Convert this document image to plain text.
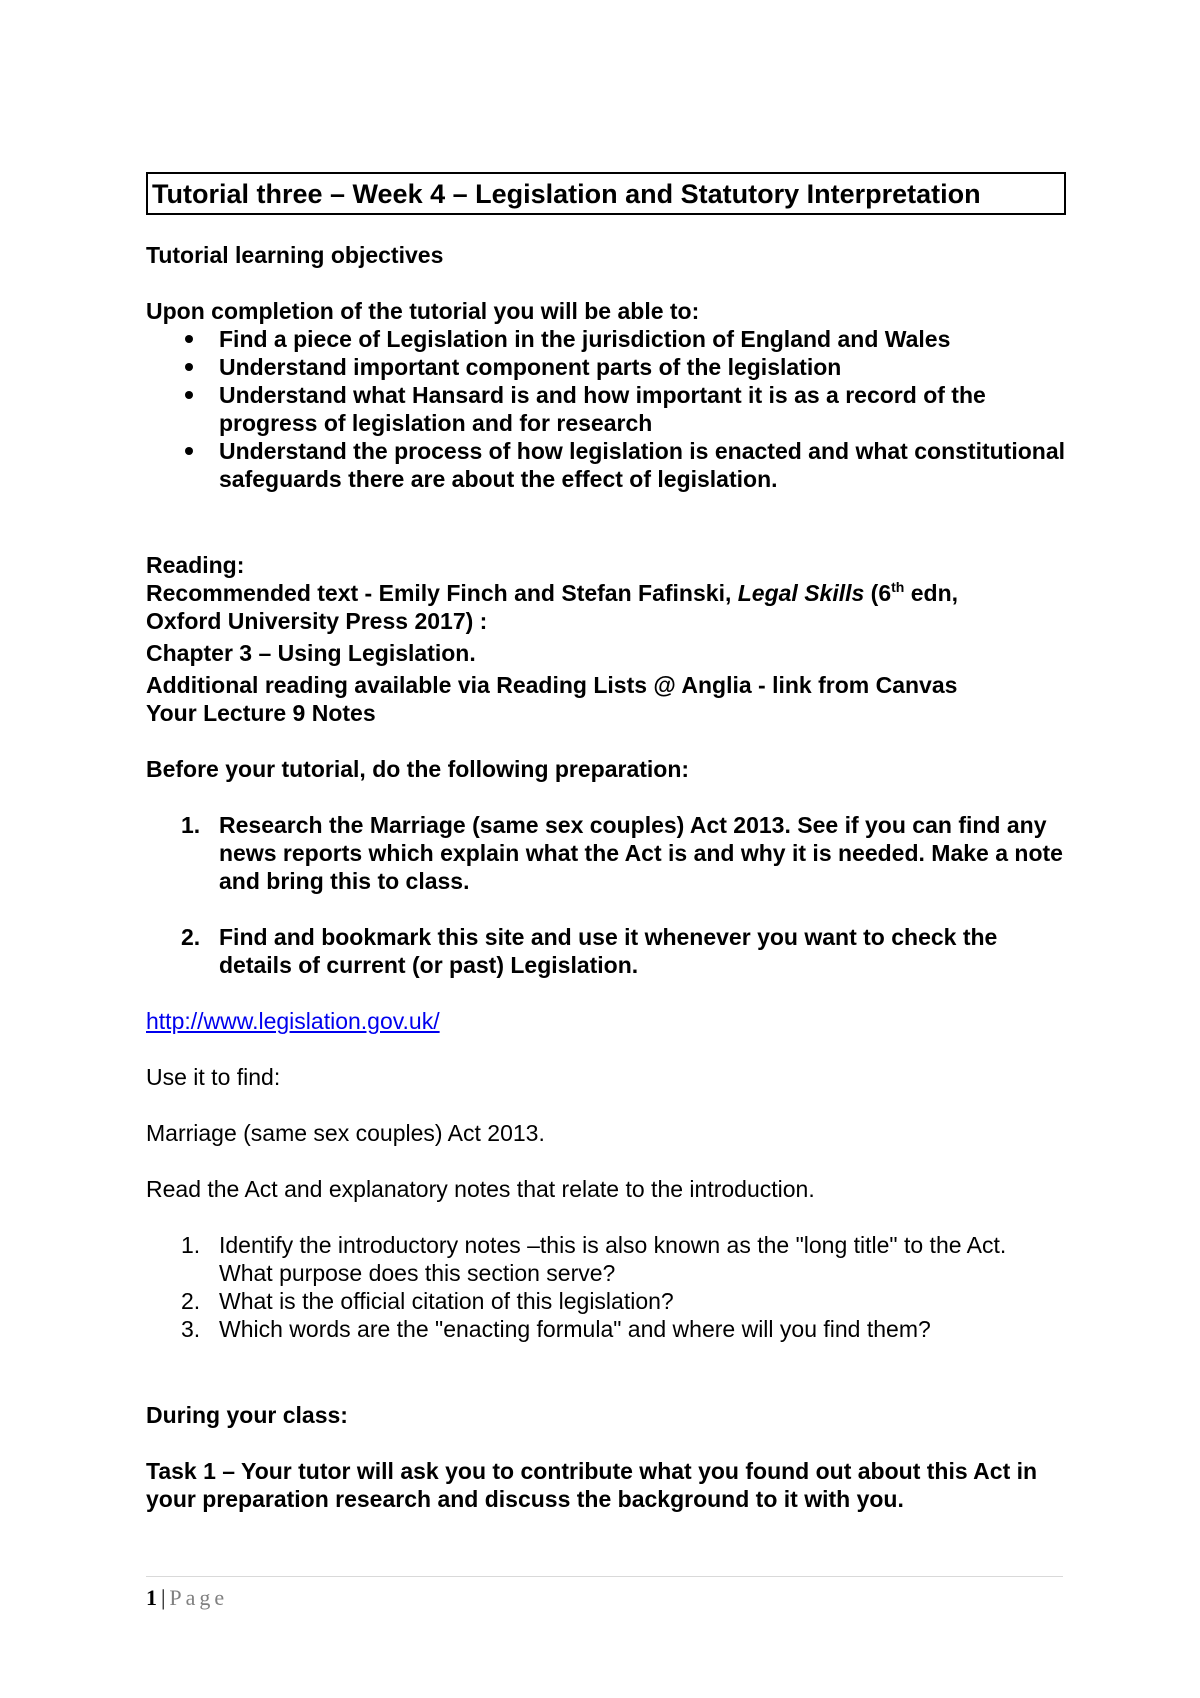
Tutorial three – Week 4 – Legislation and Statutory Interpretation

Tutorial learning objectives

Upon completion of the tutorial you will be able to:

Find a piece of Legislation in the jurisdiction of England and Wales
Understand important component parts of the legislation
Understand what Hansard is and how important it is as a record of the progress of legislation and for research
Understand the process of how legislation is enacted and what constitutional safeguards there are about the effect of legislation.

Reading:

Recommended text - Emily Finch and Stefan Fafinski, Legal Skills (6th edn,

Oxford University Press 2017) :

Chapter 3 – Using Legislation.

Additional reading available via Reading Lists @ Anglia - link from Canvas

Your Lecture 9 Notes

Before your tutorial, do the following preparation:

1. Research the Marriage (same sex couples) Act 2013. See if you can find any news reports which explain what the Act is and why it is needed. Make a note and bring this to class.
2. Find and bookmark this site and use it whenever you want to check the details of current (or past) Legislation.

http://www.legislation.gov.uk/

Use it to find:

Marriage (same sex couples) Act 2013.

Read the Act and explanatory notes that relate to the introduction.

1. Identify the introductory notes –this is also known as the "long title" to the Act. What purpose does this section serve?
2. What is the official citation of this legislation?
3. Which words are the "enacting formula" and where will you find them?

During your class:

Task 1 – Your tutor will ask you to contribute what you found out about this Act in your preparation research and discuss the background to it with you.

1 | Page
